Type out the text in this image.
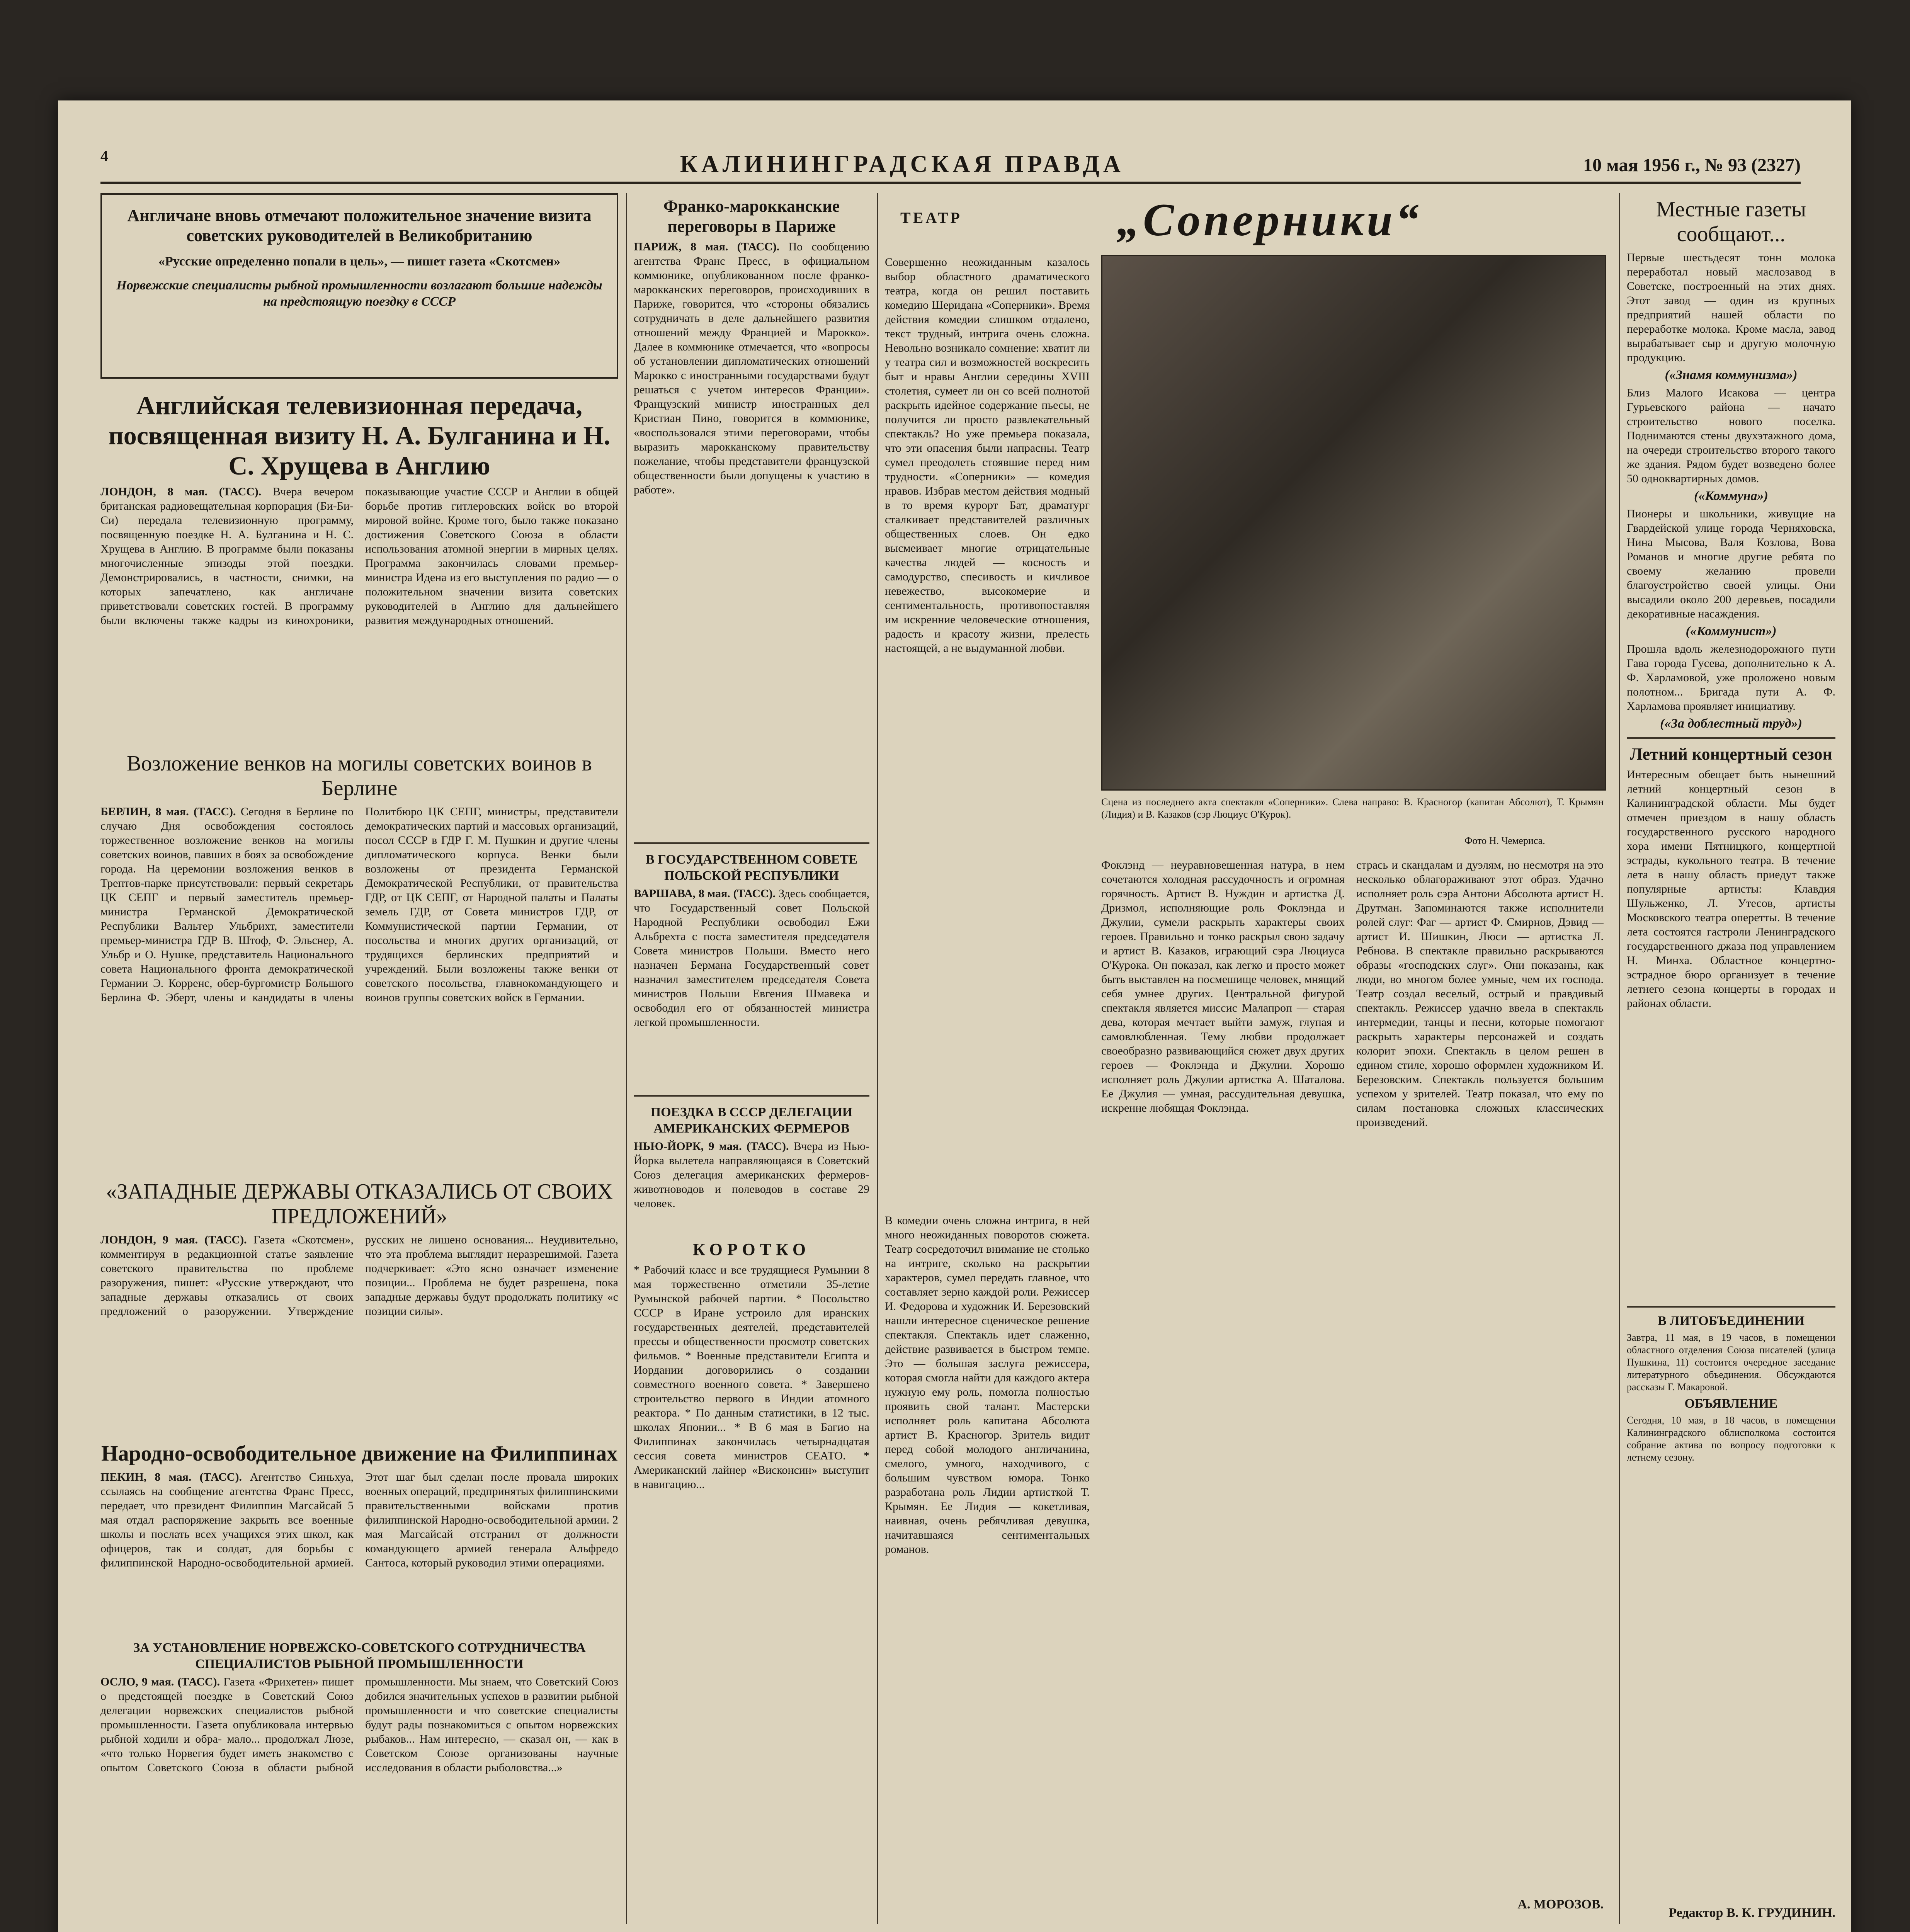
4	КАЛИНИНГРАДСКАЯ ПРАВДА	10 мая 1956 г., № 93 (2327)
Англичане вновь отмечают положительное значение визита советских руководителей в Великобританию
«Русские определенно попали в цель», — пишет газета «Скотсмен»
Норвежские специалисты рыбной промышленности возлагают большие надежды на предстоящую поездку в СССР
Английская телевизионная передача, посвященная визиту Н. А. Булганина и Н. С. Хрущева в Англию

ЛОНДОН, 8 мая. (ТАСС). Вчера вечером британская радиовещательная корпорация (Би-Би-Си) передала телевизионную программу, посвященную поездке Н. А. Булганина и Н. С. Хрущева в Англию. В программе были показаны многочисленные эпизоды этой поездки. Демонстрировались, в частности, снимки, на которых запечатлено, как англичане приветствовали советских гостей. В программу были включены также кадры из кинохроники, показывающие участие СССР и Англии в общей борьбе против гитлеровских войск во второй мировой войне. Кроме того, было также показано достижения Советского Союза в области использования атомной энергии в мирных целях. Программа закончилась словами премьер-министра Идена из его выступления по радио — о положительном значении визита советских руководителей в Англию для дальнейшего развития международных отношений.

Возложение венков на могилы советских воинов в Берлине

БЕРЛИН, 8 мая. (ТАСС). Сегодня в Берлине по случаю Дня освобождения состоялось торжественное возложение венков на могилы советских воинов, павших в боях за освобождение города. На церемонии возложения венков в Трептов-парке присутствовали: первый секретарь ЦК СЕПГ и первый заместитель премьер-министра Германской Демократической Республики Вальтер Ульбрихт, заместители премьер-министра ГДР В. Штоф, Ф. Эльснер, А. Ульбр и О. Нушке, представитель Национального совета Национального фронта демократической Германии Э. Корренс, обер-бургомистр Большого Берлина Ф. Эберт, члены и кандидаты в члены Политбюро ЦК СЕПГ, министры, представители демократических партий и массовых организаций, посол СССР в ГДР Г. М. Пушкин и другие члены дипломатического корпуса. Венки были возложены от президента Германской Демократической Республики, от правительства ГДР, от ЦК СЕПГ, от Народной палаты и Палаты земель ГДР, от Совета министров ГДР, от Коммунистической партии Германии, от посольства и многих других организаций, от трудящихся берлинских предприятий и учреждений. Были возложены также венки от советского посольства, главнокомандующего и воинов группы советских войск в Германии.

«ЗАПАДНЫЕ ДЕРЖАВЫ ОТКАЗАЛИСЬ ОТ СВОИХ ПРЕДЛОЖЕНИЙ»

ЛОНДОН, 9 мая. (ТАСС). Газета «Скотсмен», комментируя в редакционной статье заявление советского правительства по проблеме разоружения, пишет: «Русские утверждают, что западные державы отказались от своих предложений о разоружении. Утверждение русских не лишено основания... Неудивительно, что эта проблема выглядит неразрешимой. Газета подчеркивает: «Это ясно означает изменение позиции... Проблема не будет разрешена, пока западные державы будут продолжать политику «с позиции силы».

Народно-освободительное движение на Филиппинах

ПЕКИН, 8 мая. (ТАСС). Агентство Синьхуа, ссылаясь на сообщение агентства Франс Пресс, передает, что президент Филиппин Магсайсай 5 мая отдал распоряжение закрыть все военные школы и послать всех учащихся этих школ, как офицеров, так и солдат, для борьбы с филиппинской Народно-освободительной армией. Этот шаг был сделан после провала широких военных операций, предпринятых филиппинскими правительственными войсками против филиппинской Народно-освободительной армии. 2 мая Магсайсай отстранил от должности командующего армией генерала Альфредо Сантоса, который руководил этими операциями.

ЗА УСТАНОВЛЕНИЕ НОРВЕЖСКО-СОВЕТСКОГО СОТРУДНИЧЕСТВА СПЕЦИАЛИСТОВ РЫБНОЙ ПРОМЫШЛЕННОСТИ

ОСЛО, 9 мая. (ТАСС). Газета «Фрихетен» пишет о предстоящей поездке в Советский Союз делегации норвежских специалистов рыбной промышленности. Газета опубликовала интервью рыбной ходили и обра- мало... продолжал Люзе, «что только Норвегия будет иметь знакомство с опытом Советского Союза в области рыбной промышленности. Мы знаем, что Советский Союз добился значительных успехов в развитии рыбной промышленности и что советские специалисты будут рады познакомиться с опытом норвежских рыбаков... Нам интересно, — сказал он, — как в Советском Союзе организованы научные исследования в области рыболовства...»

Франко-марокканские переговоры в Париже

ПАРИЖ, 8 мая. (ТАСС). По сообщению агентства Франс Пресс, в официальном коммюнике, опубликованном после франко-марокканских переговоров, происходивших в Париже, говорится, что «стороны обязались сотрудничать в деле дальнейшего развития отношений между Францией и Марокко». Далее в коммюнике отмечается, что «вопросы об установлении дипломатических отношений Марокко с иностранными государствами будут решаться с учетом интересов Франции». Французский министр иностранных дел Кристиан Пино, говорится в коммюнике, «воспользовался этими переговорами, чтобы выразить марокканскому правительству пожелание, чтобы представители французской общественности были допущены к участию в работе».

В ГОСУДАРСТВЕННОМ СОВЕТЕ ПОЛЬСКОЙ РЕСПУБЛИКИ

ВАРШАВА, 8 мая. (ТАСС). Здесь сообщается, что Государственный совет Польской Народной Республики освободил Ежи Альбрехта с поста заместителя председателя Совета министров Польши. Вместо него назначен Бермана Государственный совет назначил заместителем председателя Совета министров Польши Евгения Шмавека и освободил его от обязанностей министра легкой промышленности.

ПОЕЗДКА В СССР ДЕЛЕГАЦИИ АМЕРИКАНСКИХ ФЕРМЕРОВ

НЬЮ-ЙОРК, 9 мая. (ТАСС). Вчера из Нью-Йорка вылетела направляющаяся в Советский Союз делегация американских фермеров-животноводов и полеводов в составе 29 человек.

КОРОТКО

* Рабочий класс и все трудящиеся Румынии 8 мая торжественно отметили 35-летие Румынской рабочей партии. * Посольство СССР в Иране устроило для иранских государственных деятелей, представителей прессы и общественности просмотр советских фильмов. * Военные представители Египта и Иордании договорились о создании совместного военного совета. * Завершено строительство первого в Индии атомного реактора. * По данным статистики, в 12 тыс. школах Японии... * В 6 мая в Багио на Филиппинах закончилась четырнадцатая сессия совета министров СЕАТО. * Американский лайнер «Висконсин» выступит в навигацию...

ТЕАТР	„Соперники“

Совершенно неожиданным казалось выбор областного драматического театра, когда он решил поставить комедию Шеридана «Соперники». Время действия комедии слишком отдалено, текст трудный, интрига очень сложна. Невольно возникало сомнение: хватит ли у театра сил и возможностей воскресить быт и нравы Англии середины XVIII столетия, сумеет ли он со всей полнотой раскрыть идейное содержание пьесы, не получится ли просто развлекательный спектакль? Но уже премьера показала, что эти опасения были напрасны. Театр сумел преодолеть стоявшие перед ним трудности. «Соперники» — комедия нравов. Избрав местом действия модный в то время курорт Бат, драматург сталкивает представителей различных общественных слоев. Он едко высмеивает многие отрицательные качества людей — косность и самодурство, спесивость и кичливое невежество, высокомерие и сентиментальность, противопоставляя им искренние человеческие отношения, радость и красоту жизни, прелесть настоящей, а не выдуманной любви.

Сцена из последнего акта спектакля «Соперники». Слева направо: В. Красногор (капитан Абсолют), Т. Крымян (Лидия) и В. Казаков (сэр Люциус О'Курок).

Фото Н. Чемериса.

В комедии очень сложна интрига, в ней много неожиданных поворотов сюжета. Театр сосредоточил внимание не столько на интриге, сколько на раскрытии характеров, сумел передать главное, что составляет зерно каждой роли. Режиссер И. Федорова и художник И. Березовский нашли интересное сценическое решение спектакля. Спектакль идет слаженно, действие развивается в быстром темпе. Это — большая заслуга режиссера, которая смогла найти для каждого актера нужную ему роль, помогла полностью проявить свой талант. Мастерски исполняет роль капитана Абсолюта артист В. Красногор. Зритель видит перед собой молодого англичанина, смелого, умного, находчивого, с большим чувством юмора. Тонко разработана роль Лидии артисткой Т. Крымян. Ее Лидия — кокетливая, наивная, очень ребячливая девушка, начитавшаяся сентиментальных романов.

Фоклэнд — неуравновешенная натура, в нем сочетаются холодная рассудочность и огромная горячность. Артист В. Нуждин и артистка Д. Дризмол, исполняющие роль Фоклэнда и Джулии, сумели раскрыть характеры своих героев. Правильно и тонко раскрыл свою задачу и артист В. Казаков, играющий сэра Люциуса О'Курока. Он показал, как легко и просто может быть выставлен на посмешище человек, мнящий себя умнее других. Центральной фигурой спектакля является миссис Малапроп — старая дева, которая мечтает выйти замуж, глупая и самовлюбленная. Тему любви продолжает своеобразно развивающийся сюжет двух других героев — Фоклэнда и Джулии. Хорошо исполняет роль Джулии артистка А. Шаталова. Ее Джулия — умная, рассудительная девушка, искренне любящая Фоклэнда.

стрась и скандалам и дуэлям, но несмотря на это несколько облагораживают этот образ. Удачно исполняет роль сэра Антони Абсолюта артист Н. Друтман. Запоминаются также исполнители ролей слуг: Фаг — артист Ф. Смирнов, Дэвид — артист И. Шишкин, Люси — артистка Л. Ребнова. В спектакле правильно раскрываются образы «господских слуг». Они показаны, как люди, во многом более умные, чем их господа. Театр создал веселый, острый и правдивый спектакль. Режиссер удачно ввела в спектакль интермедии, танцы и песни, которые помогают раскрыть характеры персонажей и создать колорит эпохи. Спектакль в целом решен в едином стиле, хорошо оформлен художником И. Березовским. Спектакль пользуется большим успехом у зрителей. Театр показал, что ему по силам постановка сложных классических произведений.

А. МОРОЗОВ.
Местные газеты сообщают...

Первые шестьдесят тонн молока переработал новый маслозавод в Советске, построенный на этих днях. Этот завод — один из крупных предприятий нашей области по переработке молока. Кроме масла, завод вырабатывает сыр и другую молочную продукцию.

(«Знамя коммунизма»)

Близ Малого Исакова — центра Гурьевского района — начато строительство нового поселка. Поднимаются стены двухэтажного дома, на очереди строительство второго такого же здания. Рядом будет возведено более 50 одноквартирных домов.

(«Коммуна»)

Пионеры и школьники, живущие на Гвардейской улице города Черняховска, Нина Мысова, Валя Козлова, Вова Романов и многие другие ребята по своему желанию провели благоустройство своей улицы. Они высадили около 200 деревьев, посадили декоративные насаждения.

(«Коммунист»)

Прошла вдоль железнодорожного пути Гава города Гусева, дополнительно к А. Ф. Харламовой, уже проложено новым полотном... Бригада пути А. Ф. Харламова проявляет инициативу.

(«За доблестный труд»)
Летний концертный сезон

Интересным обещает быть нынешний летний концертный сезон в Калининградской области. Мы будет отмечен приездом в нашу область государственного русского народного хора имени Пятницкого, концертной эстрады, кукольного театра. В течение лета в нашу область приедут также популярные артисты: Клавдия Шульженко, Л. Утесов, артисты Московского театра оперетты. В течение лета состоятся гастроли Ленинградского государственного джаза под управлением Н. Минха. Областное концертно-эстрадное бюро организует в течение летнего сезона концерты в городах и районах области.

В ЛИТОБЪЕДИНЕНИИ

Завтра, 11 мая, в 19 часов, в помещении областного отделения Союза писателей (улица Пушкина, 11) состоится очередное заседание литературного объединения. Обсуждаются рассказы Г. Макаровой.

ОБЪЯВЛЕНИЕ

Сегодня, 10 мая, в 18 часов, в помещении Калининградского облисполкома состоится собрание актива по вопросу подготовки к летнему сезону.

Редактор В. К. ГРУДИНИН.
